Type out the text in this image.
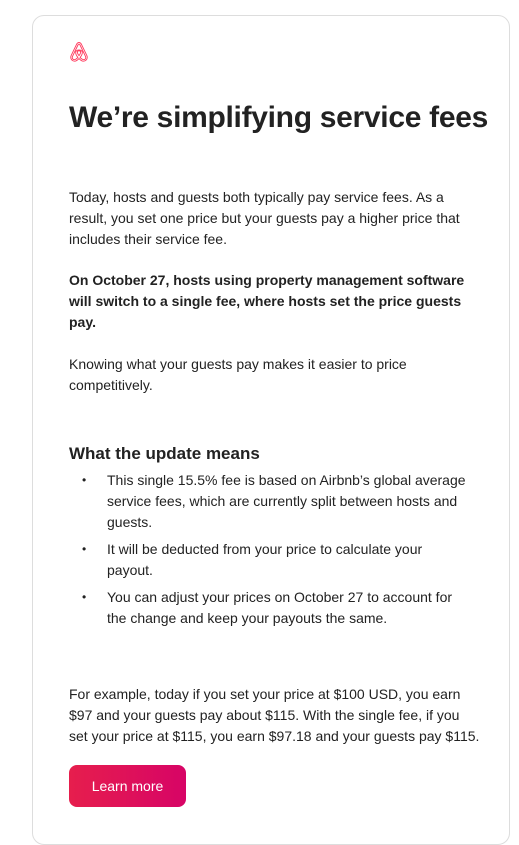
We’re simplifying service fees

Today, hosts and guests both typically pay service fees. As a result, you set one price but your guests pay a higher price that includes their service fee.

On October 27, hosts using property management software will switch to a single fee, where hosts set the price guests pay.

Knowing what your guests pay makes it easier to price competitively.

What the update means
• This single 15.5% fee is based on Airbnb’s global average service fees, which are currently split between hosts and guests.
• It will be deducted from your price to calculate your payout.
• You can adjust your prices on October 27 to account for the change and keep your payouts the same.

For example, today if you set your price at $100 USD, you earn $97 and your guests pay about $115. With the single fee, if you set your price at $115, you earn $97.18 and your guests pay $115.

Learn more
